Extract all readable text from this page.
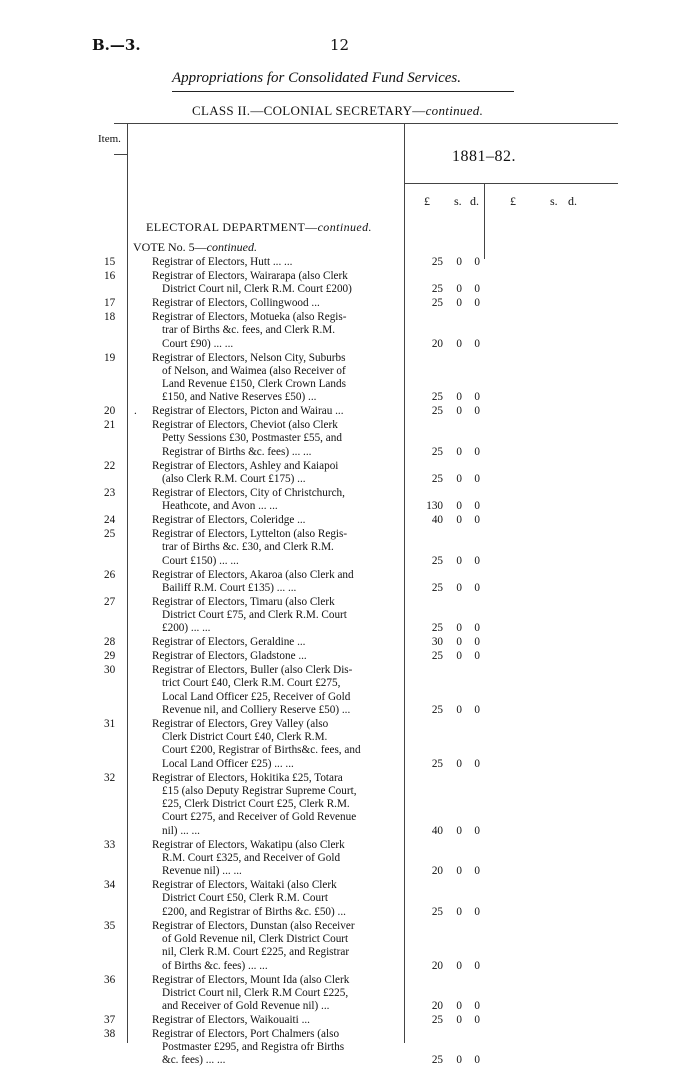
B.—3.	12
Appropriations for Consolidated Fund Services.
CLASS II.—COLONIAL SECRETARY—continued.
Item.
1881–82.
£ s. d.	£	s. d.
ELECTORAL DEPARTMENT—continued.
VOTE No. 5—continued.
15	Registrar of Electors, Hutt ... ...	25	0	0
16	Registrar of Electors, Wairarapa (also Clerk
District Court nil, Clerk R.M. Court £200)	25	0	0
17	Registrar of Electors, Collingwood ...	25	0	0
18	Registrar of Electors, Motueka (also Regis-
trar of Births &c. fees, and Clerk R.M.
Court £90) ... ...	20	0	0
19	Registrar of Electors, Nelson City, Suburbs
of Nelson, and Waimea (also Receiver of
Land Revenue £150, Clerk Crown Lands
£150, and Native Reserves £50) ...	25	0	0
20	. Registrar of Electors, Picton and Wairau ...	25	0	0
21	Registrar of Electors, Cheviot (also Clerk
Petty Sessions £30, Postmaster £55, and
Registrar of Births &c. fees) ... ...	25	0	0
22	Registrar of Electors, Ashley and Kaiapoi
(also Clerk R.M. Court £175) ...	25	0	0
23	Registrar of Electors, City of Christchurch,
Heathcote, and Avon ... ...	130	0	0
24	Registrar of Electors, Coleridge ...	40	0	0
25	Registrar of Electors, Lyttelton (also Regis-
trar of Births &c. £30, and Clerk R.M.
Court £150) ... ...	25	0	0
26	Registrar of Electors, Akaroa (also Clerk and
Bailiff R.M. Court £135) ... ...	25	0	0
27	Registrar of Electors, Timaru (also Clerk
District Court £75, and Clerk R.M. Court
£200) ... ...	25	0	0
28	Registrar of Electors, Geraldine ...	30	0	0
29	Registrar of Electors, Gladstone ...	25	0	0
30	Registrar of Electors, Buller (also Clerk Dis-
trict Court £40, Clerk R.M. Court £275,
Local Land Officer £25, Receiver of Gold
Revenue nil, and Colliery Reserve £50) ...	25	0	0
31	Registrar of Electors, Grey Valley (also
Clerk District Court £40, Clerk R.M.
Court £200, Registrar of Births&c. fees, and
Local Land Officer £25) ... ...	25	0	0
32	Registrar of Electors, Hokitika £25, Totara
£15 (also Deputy Registrar Supreme Court,
£25, Clerk District Court £25, Clerk R.M.
Court £275, and Receiver of Gold Revenue
nil) ... ...	40	0	0
33	Registrar of Electors, Wakatipu (also Clerk
R.M. Court £325, and Receiver of Gold
Revenue nil) ... ...	20	0	0
34	Registrar of Electors, Waitaki (also Clerk
District Court £50, Clerk R.M. Court
£200, and Registrar of Births &c. £50) ...	25	0	0
35	Registrar of Electors, Dunstan (also Receiver
of Gold Revenue nil, Clerk District Court
nil, Clerk R.M. Court £225, and Registrar
of Births &c. fees) ... ...	20	0	0
36	Registrar of Electors, Mount Ida (also Clerk
District Court nil, Clerk R.M Court £225,
and Receiver of Gold Revenue nil) ...	20	0	0
37	Registrar of Electors, Waikouaiti ...	25	0	0
38	Registrar of Electors, Port Chalmers (also
Postmaster £295, and Registra ofr Births
&c. fees) ... ...	25	0	0
